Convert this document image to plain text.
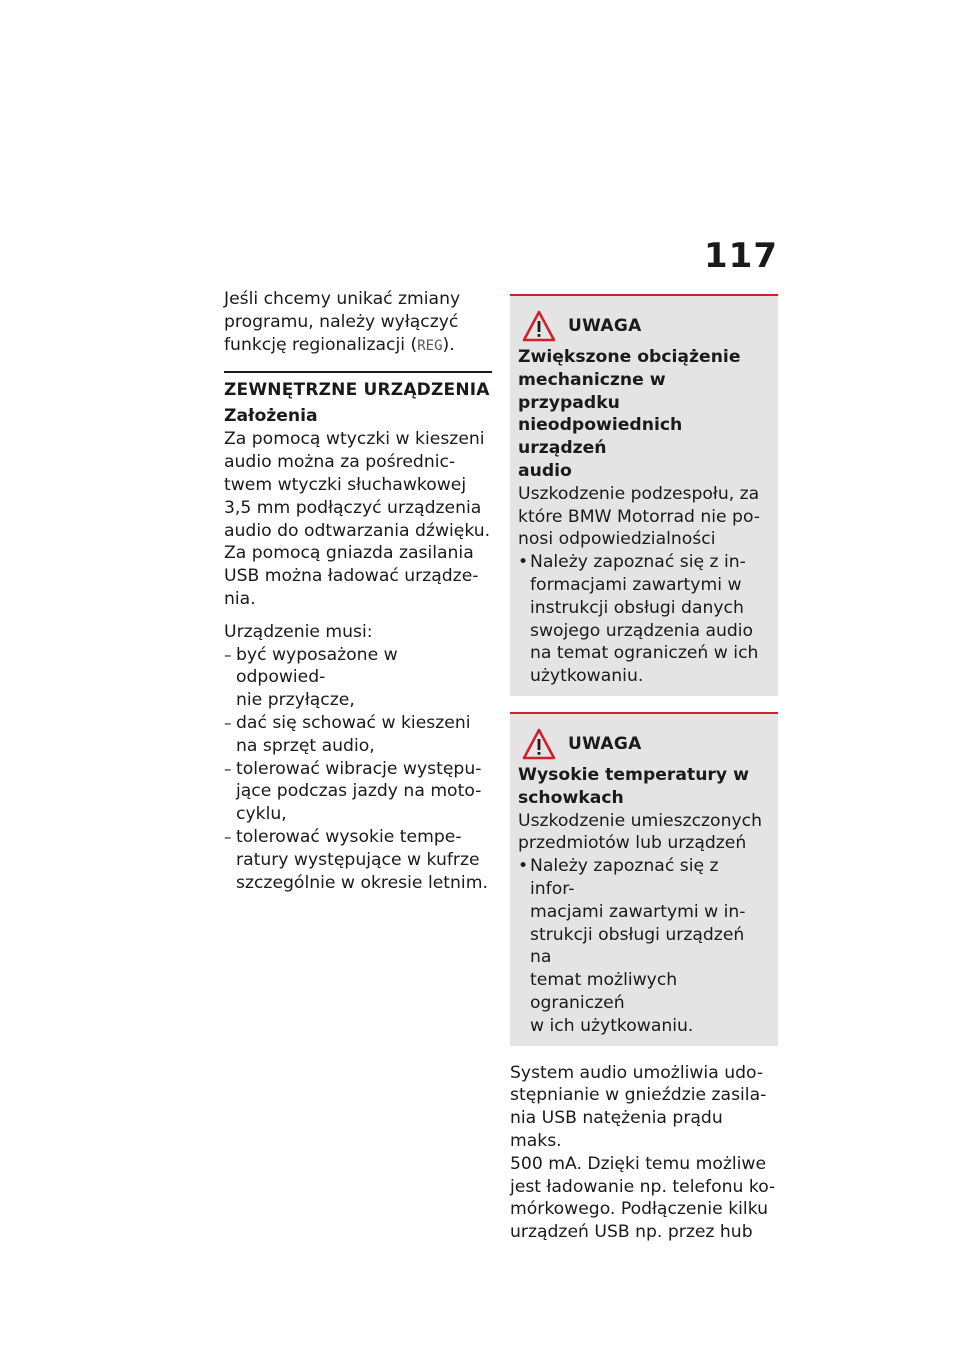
117
Jeśli chcemy unikać zmiany
programu, należy wyłączyć
funkcję regionalizacji (REG).
ZEWNĘTRZNE URZĄDZENIA
Założenia
Za pomocą wtyczki w kieszeni
audio można za pośrednic-
twem wtyczki słuchawkowej
3,5 mm podłączyć urządzenia
audio do odtwarzania dźwięku.
Za pomocą gniazda zasilania
USB można ładować urządze-
nia.
Urządzenie musi:
– być wyposażone w odpowied-
nie przyłącze,
– dać się schować w kieszeni
na sprzęt audio,
– tolerować wibracje występu-
jące podczas jazdy na moto-
cyklu,
– tolerować wysokie tempe-
ratury występujące w kufrze
szczególnie w okresie letnim.
UWAGA
Zwiększone obciążenie
mechaniczne w przypadku
nieodpowiednich urządzeń
audio
Uszkodzenie podzespołu, za
które BMW Motorrad nie po-
nosi odpowiedzialności
• Należy zapoznać się z in-
formacjami zawartymi w
instrukcji obsługi danych
swojego urządzenia audio
na temat ograniczeń w ich
użytkowaniu.
UWAGA
Wysokie temperatury w
schowkach
Uszkodzenie umieszczonych
przedmiotów lub urządzeń
• Należy zapoznać się z infor-
macjami zawartymi w in-
strukcji obsługi urządzeń na
temat możliwych ograniczeń
w ich użytkowaniu.
System audio umożliwia udo-
stępnianie w gnieździe zasila-
nia USB natężenia prądu maks.
500 mA. Dzięki temu możliwe
jest ładowanie np. telefonu ko-
mórkowego. Podłączenie kilku
urządzeń USB np. przez hub
